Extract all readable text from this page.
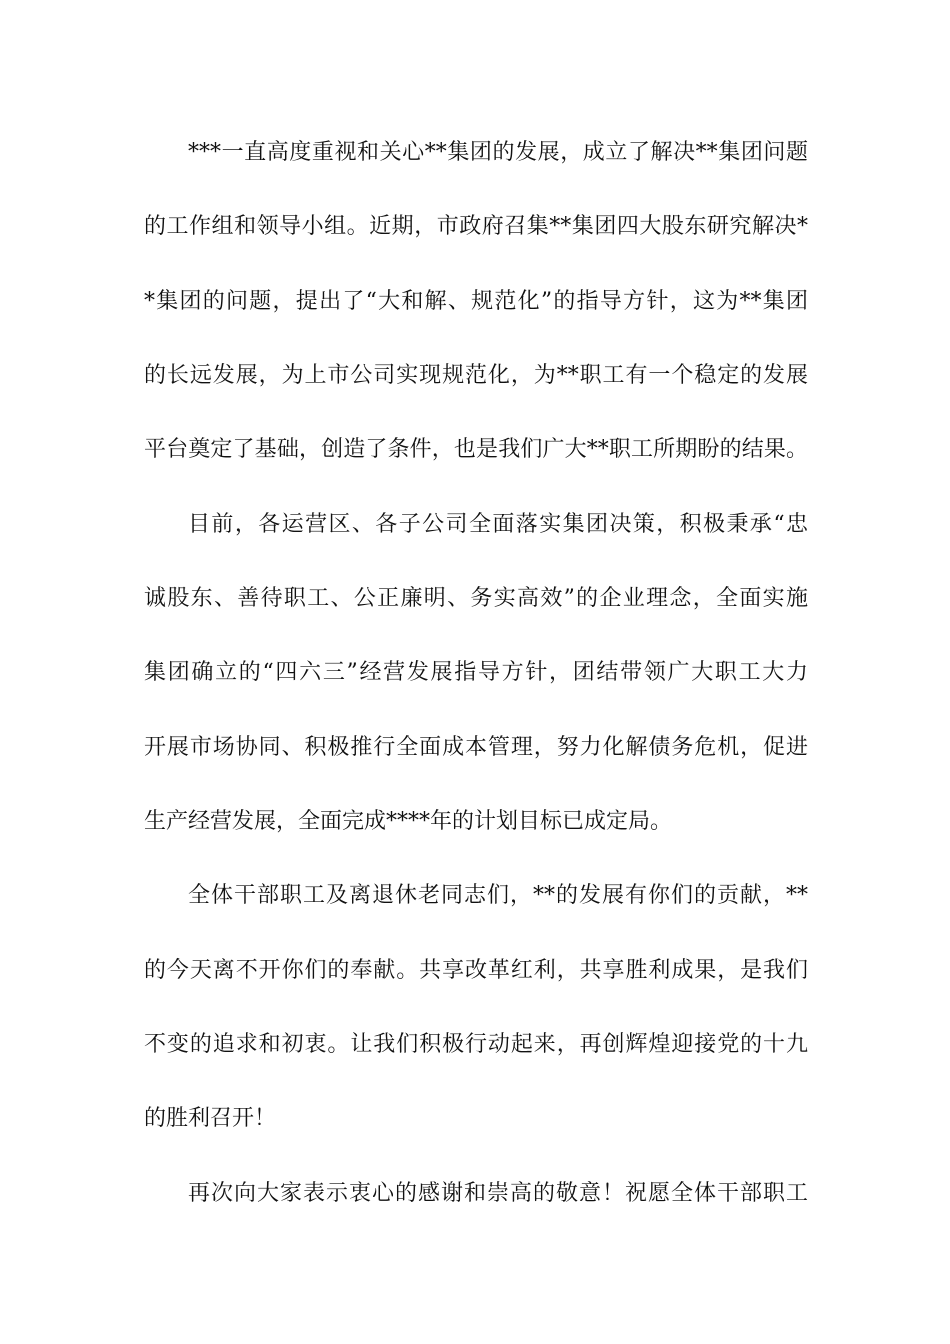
***一直高度重视和关心**集团的发展，成立了解决**集团问题
的工作组和领导小组。近期，市政府召集**集团四大股东研究解决*
*集团的问题，提出了“大和解、规范化”的指导方针，这为**集团
的长远发展，为上市公司实现规范化，为**职工有一个稳定的发展
平台奠定了基础，创造了条件，也是我们广大**职工所期盼的结果。
目前，各运营区、各子公司全面落实集团决策，积极秉承“忠
诚股东、善待职工、公正廉明、务实高效”的企业理念，全面实施
集团确立的“四六三”经营发展指导方针，团结带领广大职工大力
开展市场协同、积极推行全面成本管理，努力化解债务危机，促进
生产经营发展，全面完成****年的计划目标已成定局。
全体干部职工及离退休老同志们，**的发展有你们的贡献，**
的今天离不开你们的奉献。共享改革红利，共享胜利成果，是我们
不变的追求和初衷。让我们积极行动起来，再创辉煌迎接党的十九
的胜利召开！
再次向大家表示衷心的感谢和崇高的敬意！祝愿全体干部职工
